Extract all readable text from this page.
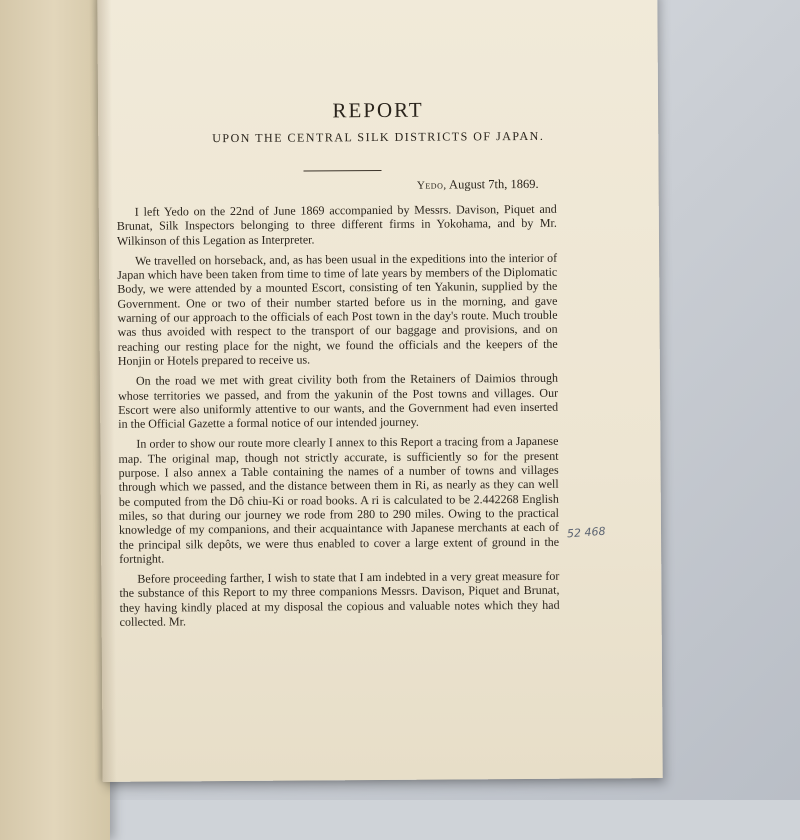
REPORT
UPON THE CENTRAL SILK DISTRICTS OF JAPAN.
Yedo, August 7th, 1869.

I left Yedo on the 22nd of June 1869 accompanied by Messrs. Davison, Piquet and Brunat, Silk Inspectors belonging to three different firms in Yokohama, and by Mr. Wilkinson of this Legation as Interpreter.

We travelled on horseback, and, as has been usual in the expeditions into the interior of Japan which have been taken from time to time of late years by members of the Diplomatic Body, we were attended by a mounted Escort, consisting of ten Yakunin, supplied by the Government. One or two of their number started before us in the morning, and gave warning of our approach to the officials of each Post town in the day's route. Much trouble was thus avoided with respect to the transport of our baggage and provisions, and on reaching our resting place for the night, we found the officials and the keepers of the Honjin or Hotels prepared to receive us.

On the road we met with great civility both from the Retainers of Daimios through whose territories we passed, and from the yakunin of the Post towns and villages. Our Escort were also uniformly attentive to our wants, and the Government had even inserted in the Official Gazette a formal notice of our intended journey.

In order to show our route more clearly I annex to this Report a tracing from a Japanese map. The original map, though not strictly accurate, is sufficiently so for the present purpose. I also annex a Table containing the names of a number of towns and villages through which we passed, and the distance between them in Ri, as nearly as they can well be computed from the Dô chiu-Ki or road books. A ri is calculated to be 2.442268 English miles, so that during our journey we rode from 280 to 290 miles. Owing to the practical knowledge of my companions, and their acquaintance with Japanese merchants at each of the principal silk depôts, we were thus enabled to cover a large extent of ground in the fortnight.

Before proceeding farther, I wish to state that I am indebted in a very great measure for the substance of this Report to my three companions Messrs. Davison, Piquet and Brunat, they having kindly placed at my disposal the copious and valuable notes which they had collected. Mr.

52 468
